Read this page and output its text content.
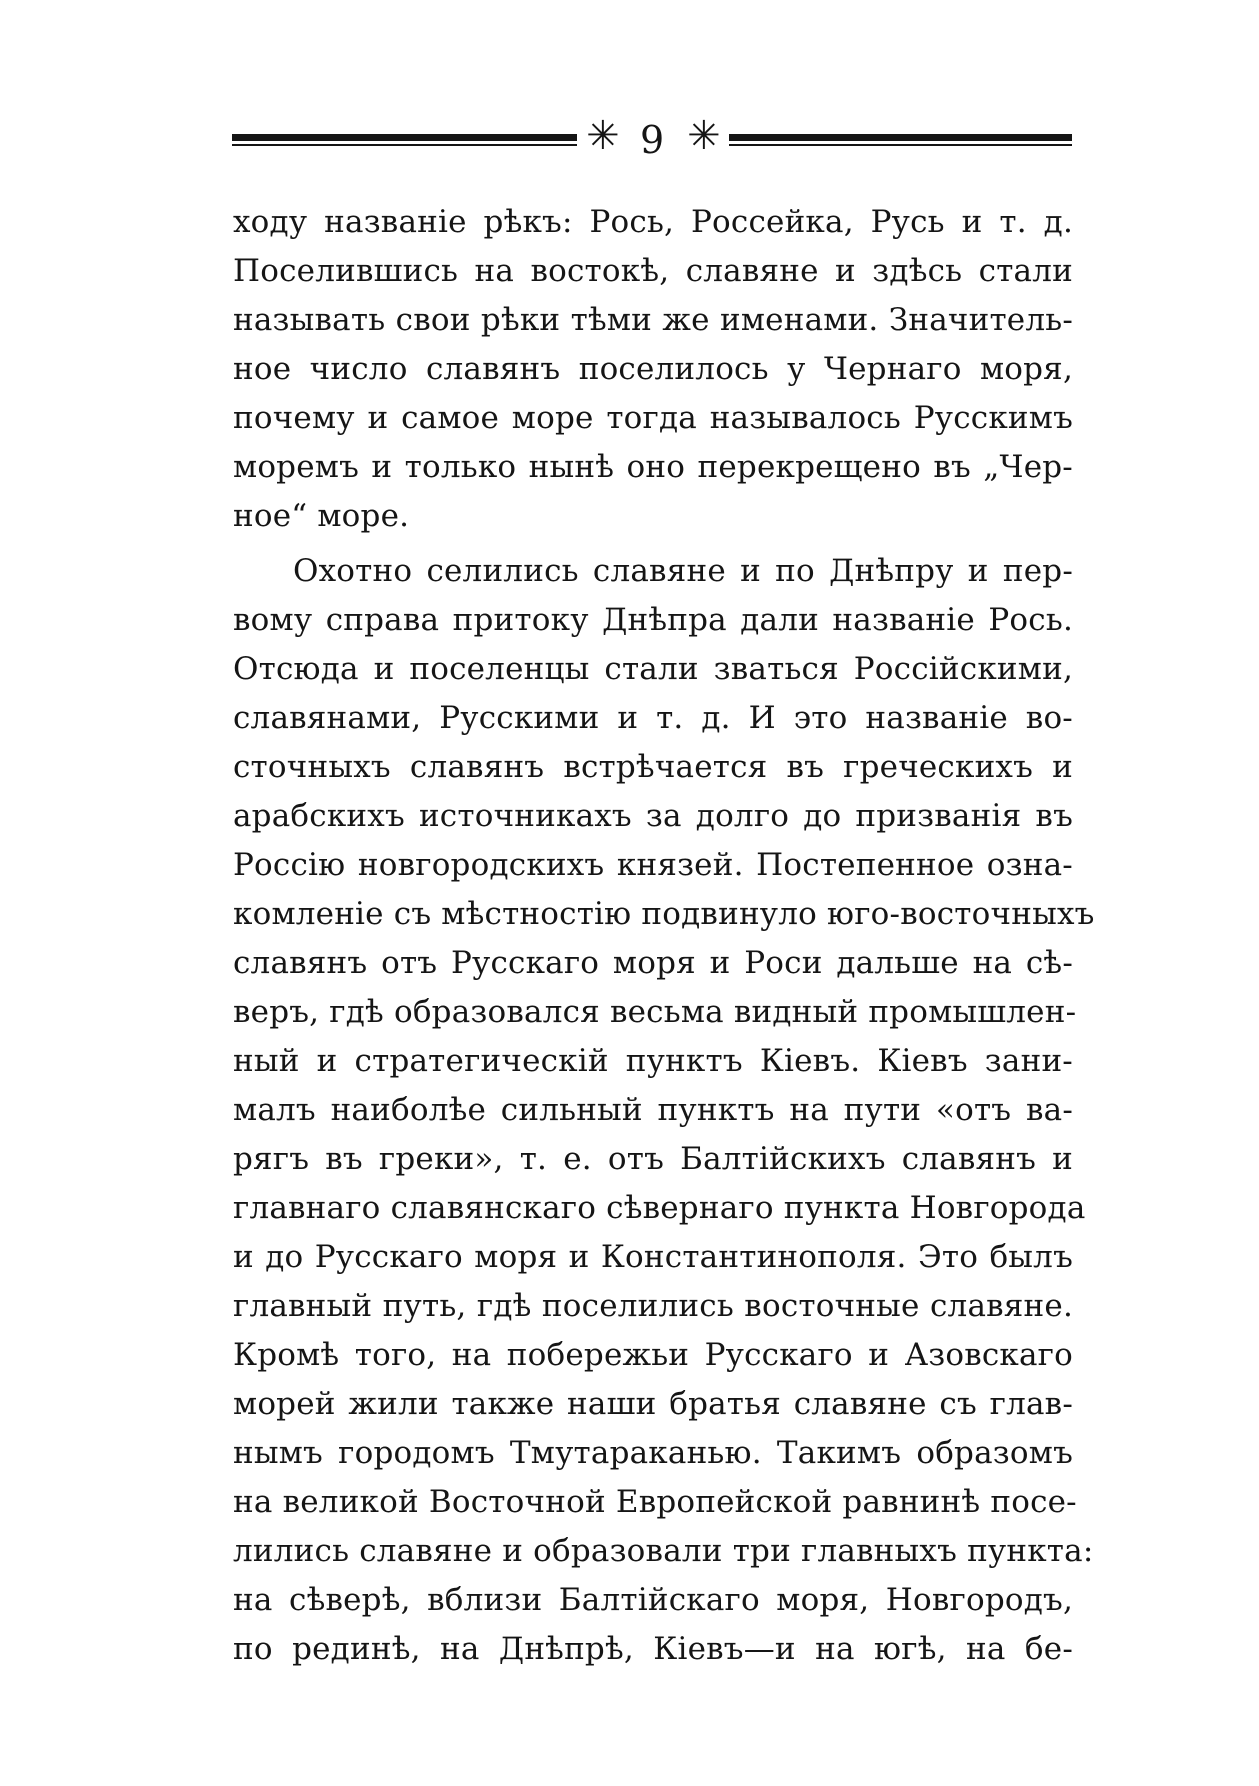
✳ 9 ✳
ходу названіе рѣкъ: Рось, Россейка, Русь и т. д.
Поселившись на востокѣ, славяне и здѣсь стали
называть свои рѣки тѣми же именами. Значитель-
ное число славянъ поселилось у Чернаго моря,
почему и самое море тогда называлось Русскимъ
моремъ и только нынѣ оно перекрещено въ „Чер-
ное“ море.
Охотно селились славяне и по Днѣпру и пер-
вому справа притоку Днѣпра дали названіе Рось.
Отсюда и поселенцы стали зваться Россійскими,
славянами, Русскими и т. д. И это названіе во-
сточныхъ славянъ встрѣчается въ греческихъ и
арабскихъ источникахъ за долго до призванія въ
Россію новгородскихъ князей. Постепенное озна-
комленіе съ мѣстностію подвинуло юго-восточныхъ
славянъ отъ Русскаго моря и Роси дальше на сѣ-
веръ, гдѣ образовался весьма видный промышлен-
ный и стратегическій пунктъ Кіевъ. Кіевъ зани-
малъ наиболѣе сильный пунктъ на пути «отъ ва-
рягъ въ греки», т. е. отъ Балтійскихъ славянъ и
главнаго славянскаго сѣвернаго пункта Новгорода
и до Русскаго моря и Константинополя. Это былъ
главный путь, гдѣ поселились восточные славяне.
Кромѣ того, на побережьи Русскаго и Азовскаго
морей жили также наши братья славяне съ глав-
нымъ городомъ Тмутараканью. Такимъ образомъ
на великой Восточной Европейской равнинѣ посе-
лились славяне и образовали три главныхъ пункта:
на сѣверѣ, вблизи Балтійскаго моря, Новгородъ,
по рединѣ, на Днѣпрѣ, Кіевъ—и на югѣ, на бе-
